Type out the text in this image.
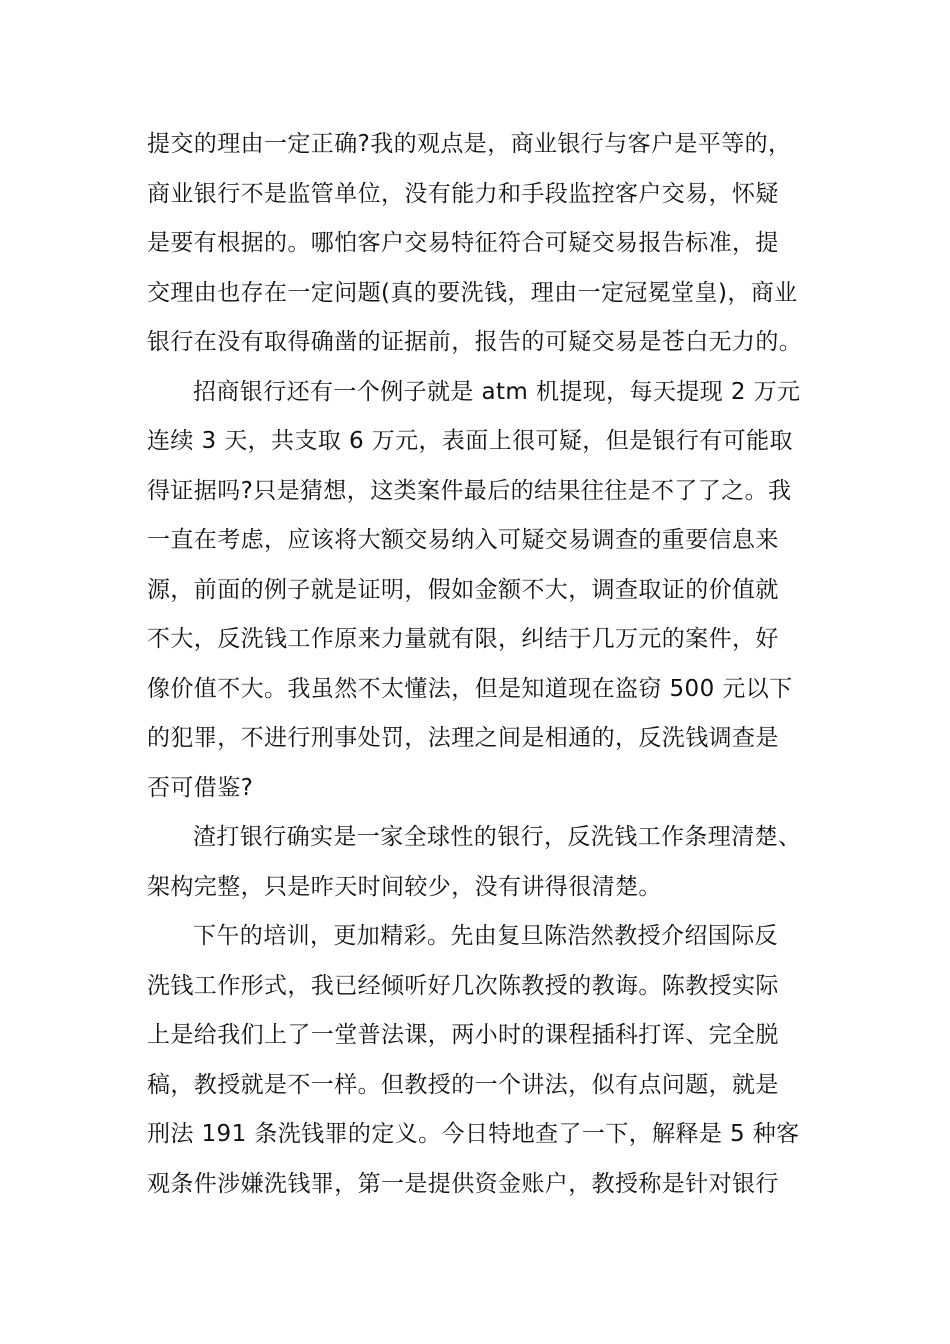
提交的理由一定正确?我的观点是，商业银行与客户是平等的，
商业银行不是监管单位，没有能力和手段监控客户交易，怀疑
是要有根据的。哪怕客户交易特征符合可疑交易报告标准，提
交理由也存在一定问题(真的要洗钱，理由一定冠冕堂皇)，商业
银行在没有取得确凿的证据前，报告的可疑交易是苍白无力的。
招商银行还有一个例子就是 atm 机提现，每天提现 2 万元
连续 3 天，共支取 6 万元，表面上很可疑，但是银行有可能取
得证据吗?只是猜想，这类案件最后的结果往往是不了了之。我
一直在考虑，应该将大额交易纳入可疑交易调查的重要信息来
源，前面的例子就是证明，假如金额不大，调查取证的价值就
不大，反洗钱工作原来力量就有限，纠结于几万元的案件，好
像价值不大。我虽然不太懂法，但是知道现在盗窃 500 元以下
的犯罪，不进行刑事处罚，法理之间是相通的，反洗钱调查是
否可借鉴?
渣打银行确实是一家全球性的银行，反洗钱工作条理清楚、
架构完整，只是昨天时间较少，没有讲得很清楚。
下午的培训，更加精彩。先由复旦陈浩然教授介绍国际反
洗钱工作形式，我已经倾听好几次陈教授的教诲。陈教授实际
上是给我们上了一堂普法课，两小时的课程插科打诨、完全脱
稿，教授就是不一样。但教授的一个讲法，似有点问题，就是
刑法 191 条洗钱罪的定义。今日特地查了一下，解释是 5 种客
观条件涉嫌洗钱罪，第一是提供资金账户，教授称是针对银行
